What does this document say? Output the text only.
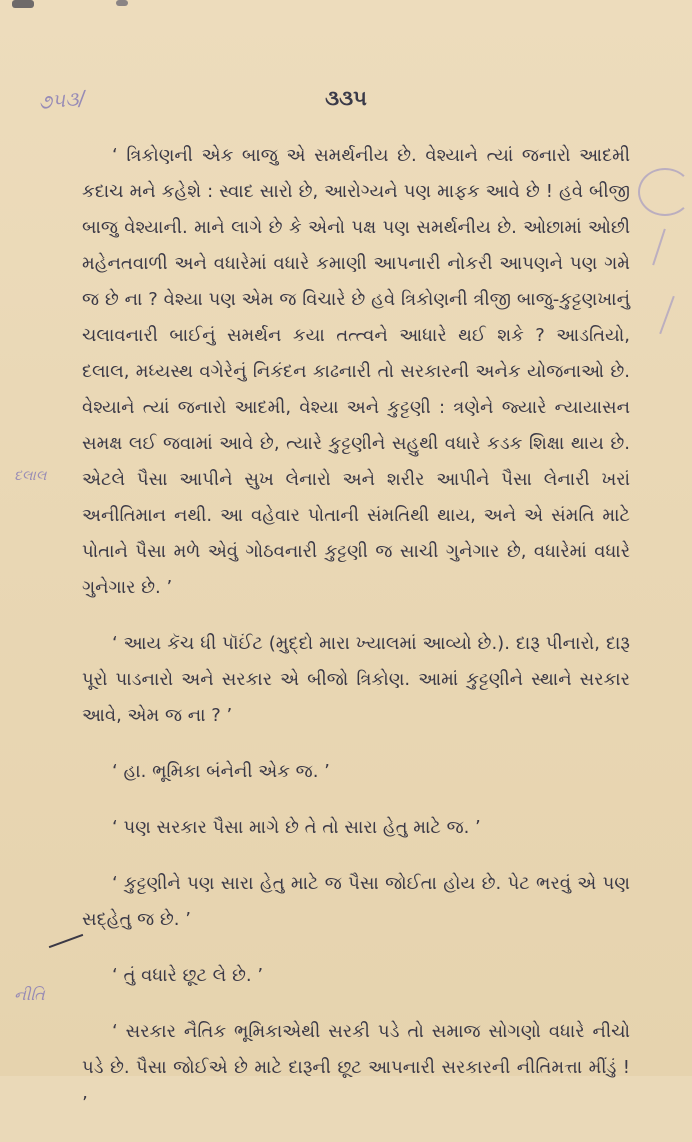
૭૫૩/	૩૩૫
દલાલ
નીતિ

‘ ત્રિકોણની એક બાજુ એ સમર્થનીય છે. વેશ્યાને ત્યાં જનારો આદમી કદાચ મને કહેશે : સ્વાદ સારો છે, આરોગ્યને પણ માફક આવે છે ! હવે બીજી બાજુ વેશ્યાની. માને લાગે છે કે એનો પક્ષ પણ સમર્થનીય છે. ઓછામાં ઓછી મહેનતવાળી અને વધારેમાં વધારે કમાણી આપનારી નોકરી આપણને પણ ગમે જ છે ના ? વેશ્યા પણ એમ જ વિચારે છે હવે ત્રિકોણની ત્રીજી બાજુ-કુટ્ટણખાનું ચલાવનારી બાઈનું સમર્થન કયા તત્ત્વને આધારે થઈ શકે ? આડતિયો, દલાલ, મધ્યસ્થ વગેરેનું નિકંદન કાઢનારી તો સરકારની અનેક યોજનાઓ છે. વેશ્યાને ત્યાં જનારો આદમી, વેશ્યા અને કુટ્ટણી : ત્રણેને જ્યારે ન્યાયાસન સમક્ષ લઈ જવામાં આવે છે, ત્યારે કુટ્ટણીને સહુથી વધારે કડક શિક્ષા થાય છે. એટલે પૈસા આપીને સુખ લેનારો અને શરીર આપીને પૈસા લેનારી ખરાં અનીતિમાન નથી. આ વહેવાર પોતાની સંમતિથી થાય, અને એ સંમતિ માટે પોતાને પૈસા મળે એવું ગોઠવનારી કુટ્ટણી જ સાચી ગુનેગાર છે, વધારેમાં વધારે ગુનેગાર છે. ’

‘ આય કૅચ ધી પૉઈંટ (મુદ્દો મારા ખ્યાલમાં આવ્યો છે.). દારૂ પીનારો, દારૂ પૂરો પાડનારો અને સરકાર એ બીજો ત્રિકોણ. આમાં કુટ્ટણીને સ્થાને સરકાર આવે, એમ જ ના ? ’

‘ હા. ભૂમિકા બંનેની એક જ. ’

‘ પણ સરકાર પૈસા માગે છે તે તો સારા હેતુ માટે જ. ’

‘ કુટ્ટણીને પણ સારા હેતુ માટે જ પૈસા જોઈતા હોય છે. પેટ ભરવું એ પણ સદ્‌હેતુ જ છે. ’

‘ તું વધારે છૂટ લે છે. ’

‘ સરકાર નૈતિક ભૂમિકાએથી સરકી પડે તો સમાજ સોગણો વધારે નીચો પડે છે. પૈસા જોઈએ છે માટે દારૂની છૂટ આપનારી સરકારની નીતિમત્તા મીંડું ! ’
